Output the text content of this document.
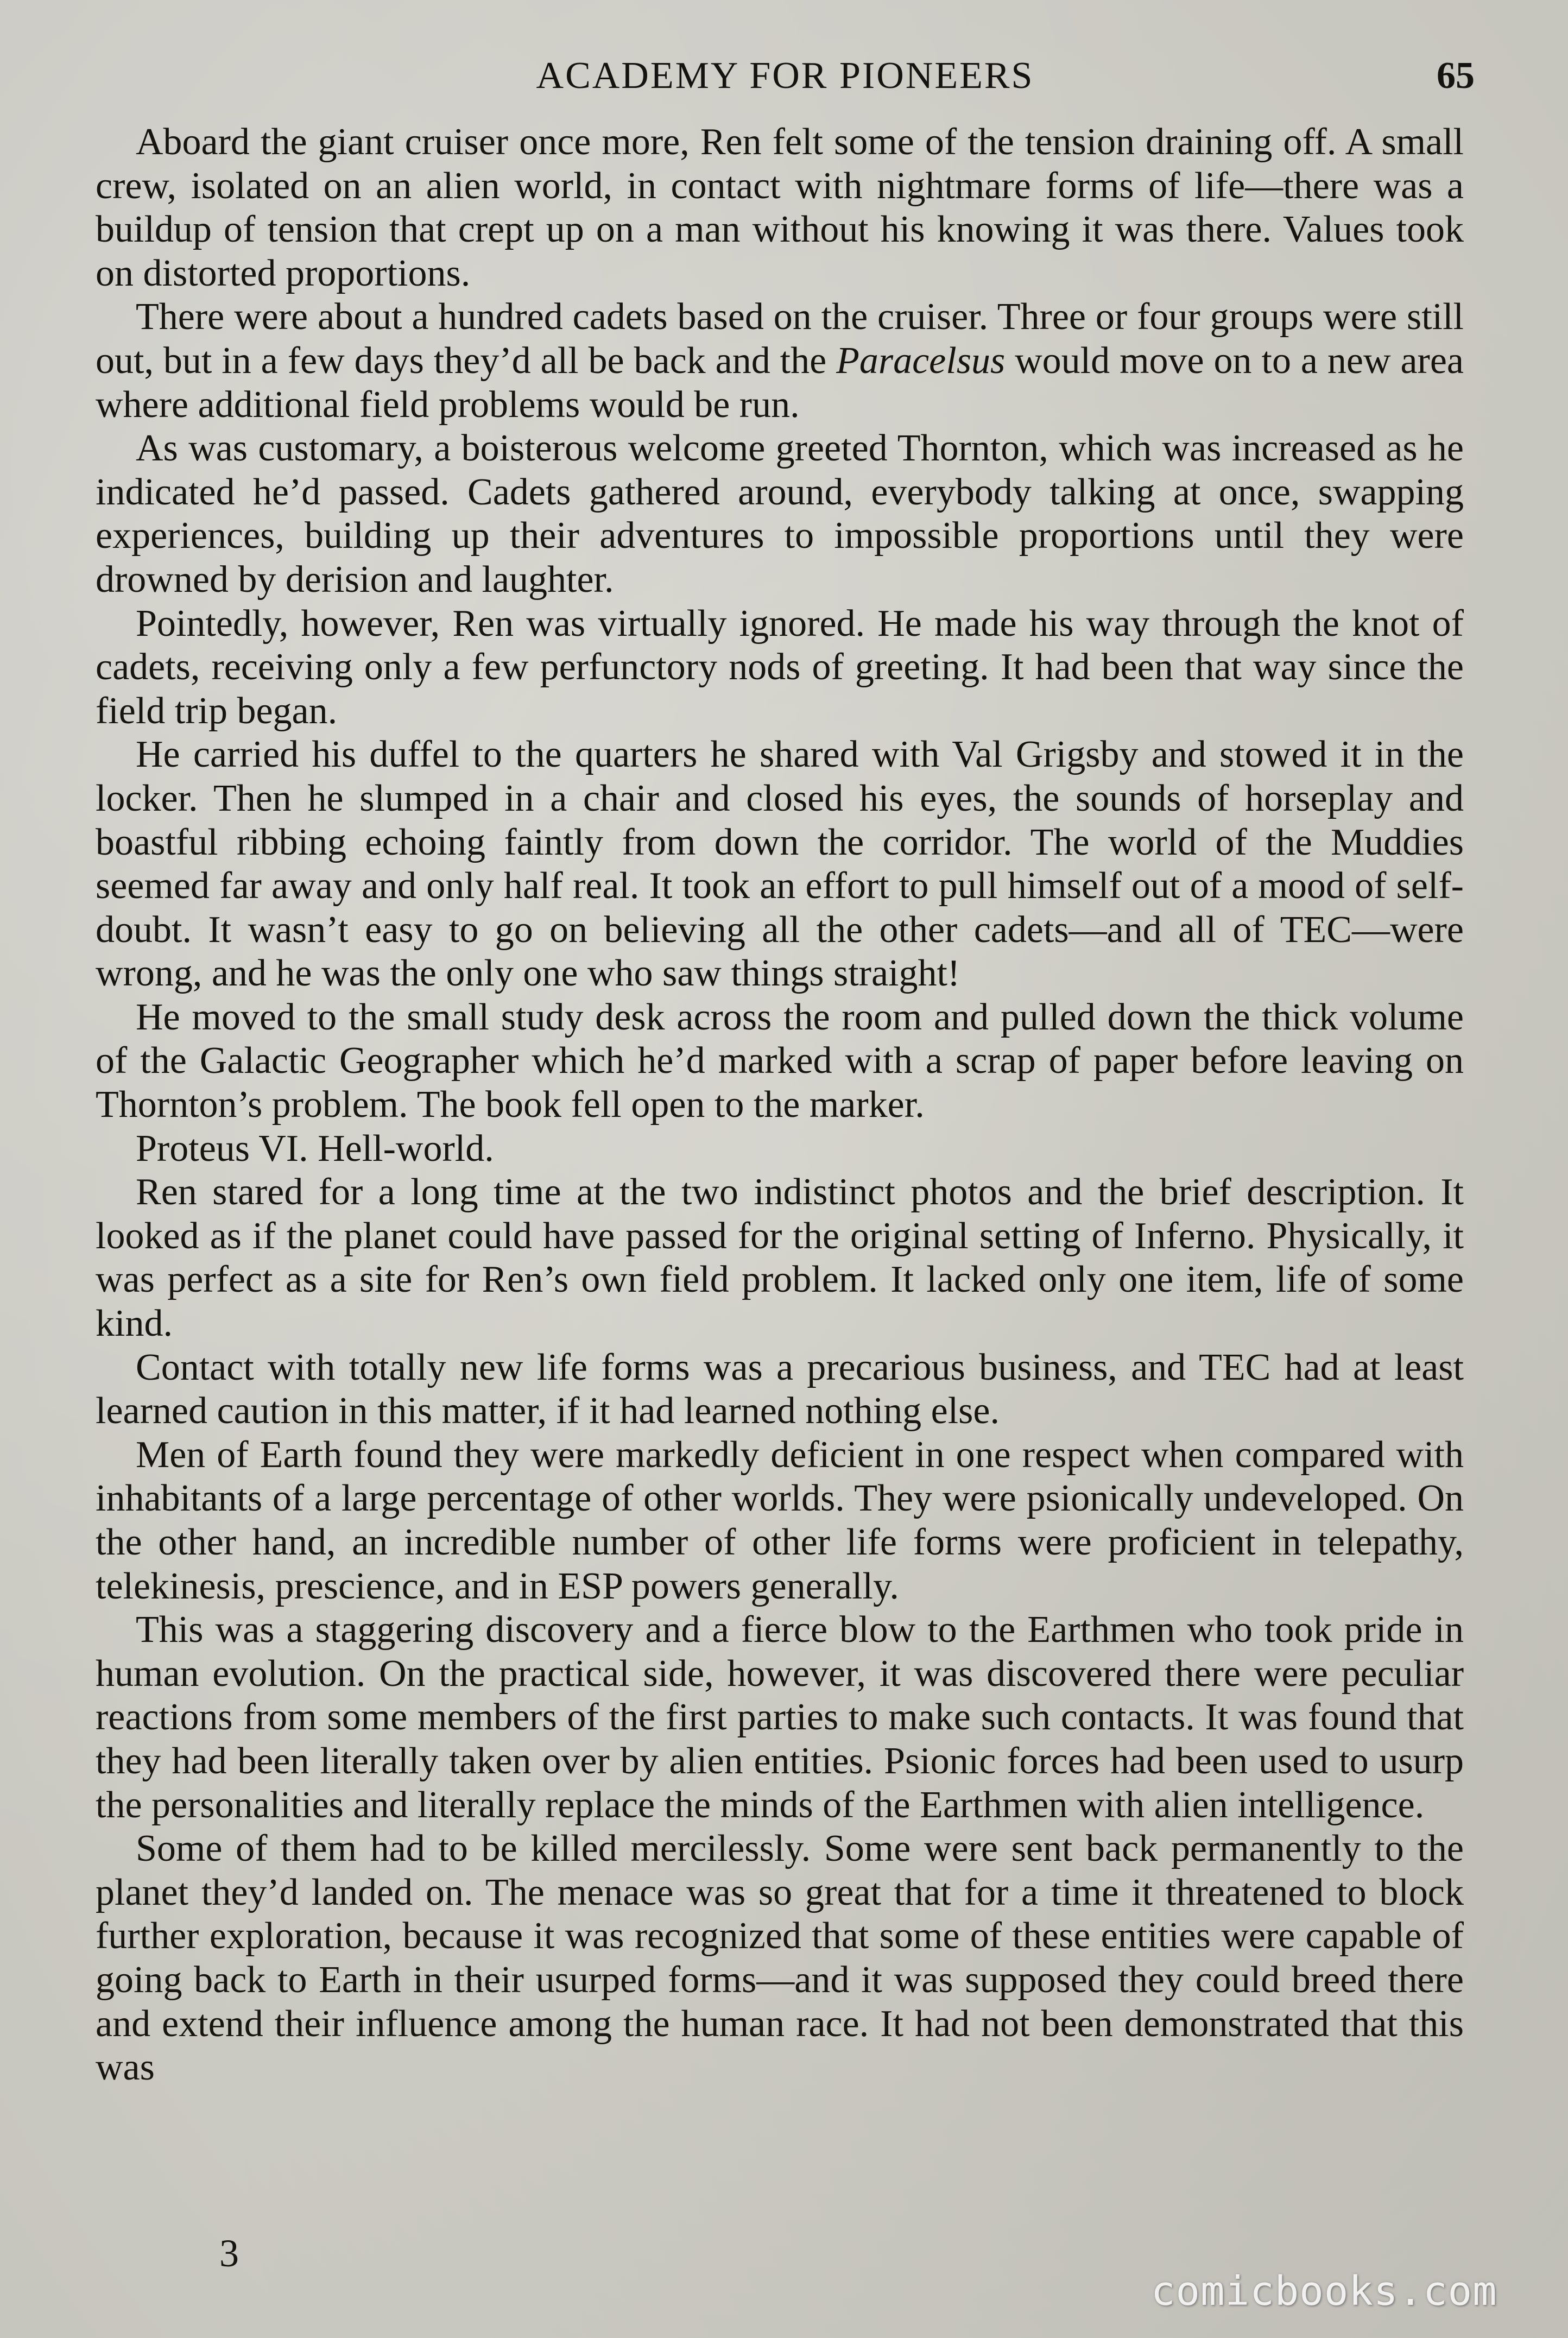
ACADEMY FOR PIONEERS	65

Aboard the giant cruiser once more, Ren felt some of the tension draining off. A small crew, isolated on an alien world, in contact with nightmare forms of life—there was a buildup of tension that crept up on a man without his knowing it was there. Values took on distorted proportions.

There were about a hundred cadets based on the cruiser. Three or four groups were still out, but in a few days they’d all be back and the Paracelsus would move on to a new area where additional field problems would be run.

As was customary, a boisterous welcome greeted Thornton, which was increased as he indicated he’d passed. Cadets gathered around, everybody talking at once, swapping experiences, building up their adventures to impossible proportions until they were drowned by derision and laughter.

Pointedly, however, Ren was virtually ignored. He made his way through the knot of cadets, receiving only a few perfunctory nods of greeting. It had been that way since the field trip began.

He carried his duffel to the quarters he shared with Val Grigsby and stowed it in the locker. Then he slumped in a chair and closed his eyes, the sounds of horseplay and boastful ribbing echoing faintly from down the corridor. The world of the Muddies seemed far away and only half real. It took an effort to pull himself out of a mood of self-doubt. It wasn’t easy to go on believing all the other cadets—and all of TEC—were wrong, and he was the only one who saw things straight!

He moved to the small study desk across the room and pulled down the thick volume of the Galactic Geographer which he’d marked with a scrap of paper before leaving on Thornton’s problem. The book fell open to the marker.

Proteus VI. Hell-world.

Ren stared for a long time at the two indistinct photos and the brief description. It looked as if the planet could have passed for the original setting of Inferno. Physically, it was perfect as a site for Ren’s own field problem. It lacked only one item, life of some kind.

Contact with totally new life forms was a precarious business, and TEC had at least learned caution in this matter, if it had learned nothing else.

Men of Earth found they were markedly deficient in one respect when compared with inhabitants of a large percentage of other worlds. They were psionically undeveloped. On the other hand, an incredible number of other life forms were proficient in telepathy, telekinesis, prescience, and in ESP powers generally.

This was a staggering discovery and a fierce blow to the Earthmen who took pride in human evolution. On the practical side, however, it was discovered there were peculiar reactions from some members of the first parties to make such contacts. It was found that they had been literally taken over by alien entities. Psionic forces had been used to usurp the personalities and literally replace the minds of the Earthmen with alien intelligence.

Some of them had to be killed mercilessly. Some were sent back permanently to the planet they’d landed on. The menace was so great that for a time it threatened to block further exploration, because it was recognized that some of these entities were capable of going back to Earth in their usurped forms—and it was supposed they could breed there and extend their influence among the human race. It had not been demonstrated that this was

3
comicbooks.com
